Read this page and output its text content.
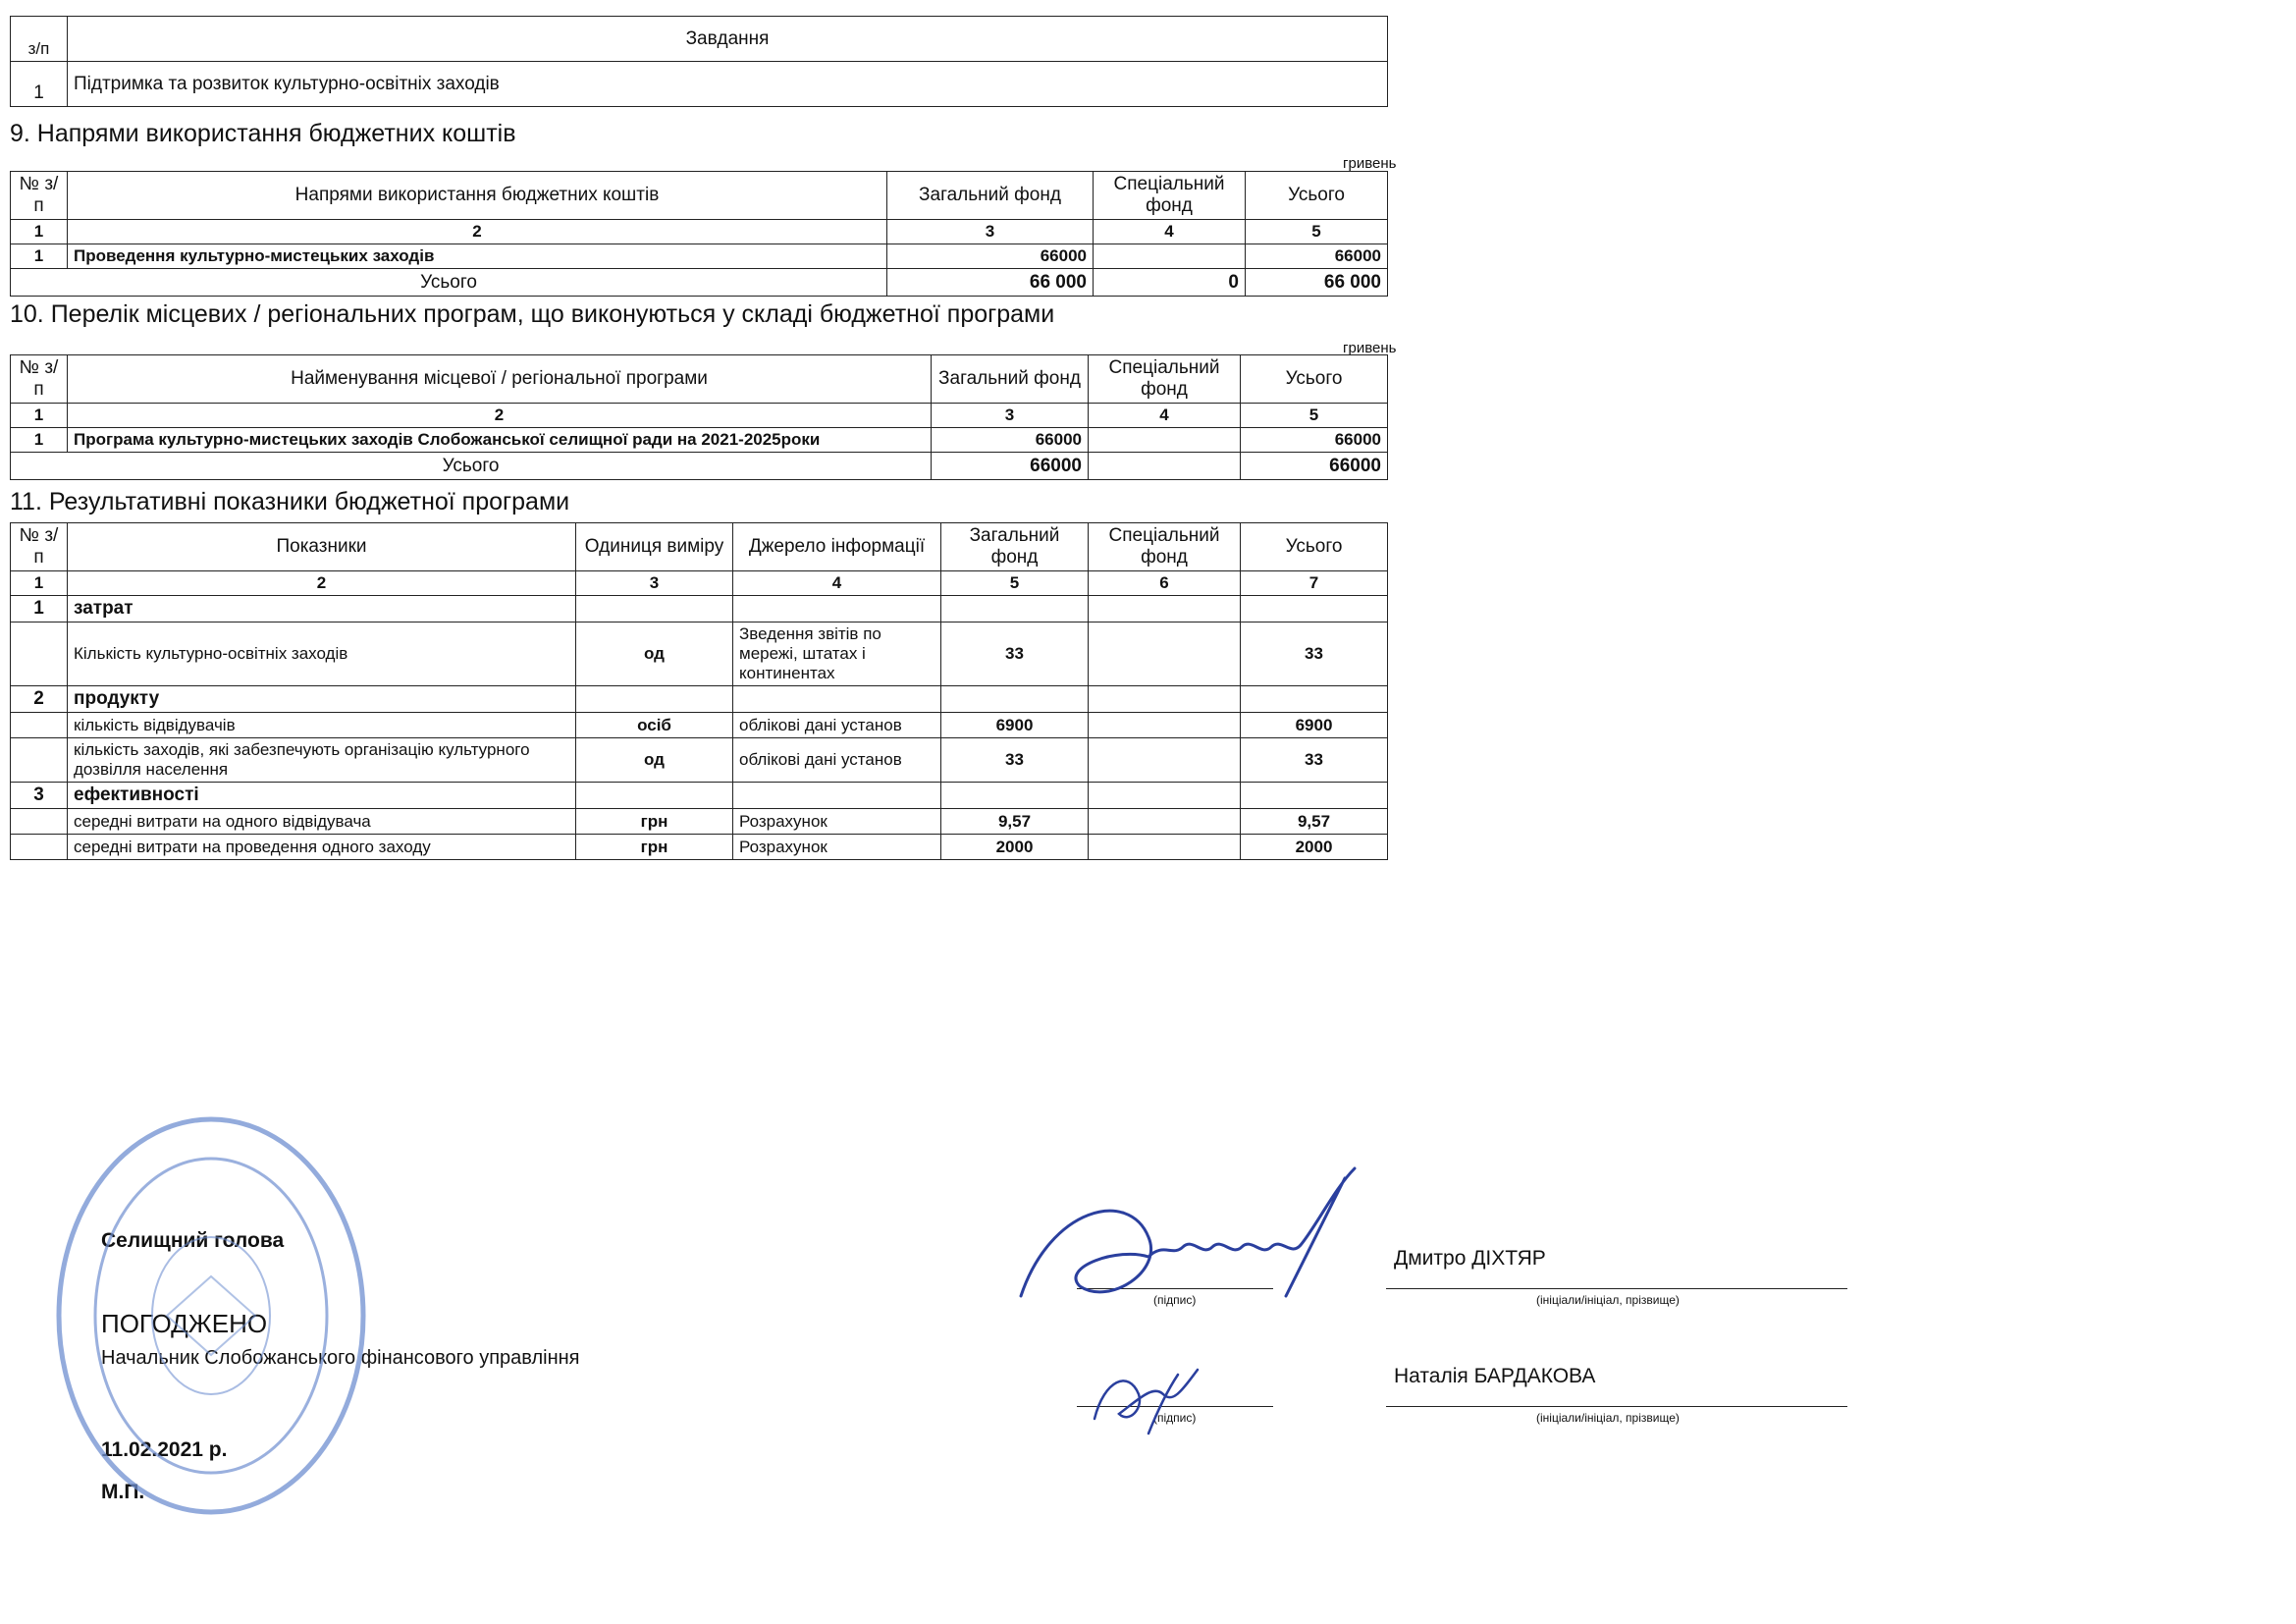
з/п	Завдання
1	Підтримка та розвиток культурно-освітніх заходів
9. Напрями використання бюджетних коштів
гривень
№ з/п	Напрями використання бюджетних коштів	Загальний фонд	Спеціальний фонд	Усього
1	2	3	4	5
1	Проведення культурно-мистецьких заходів	66000		66000
Усього		66 000	0	66 000
10. Перелік місцевих / регіональних програм, що виконуються у складі бюджетної програми
гривень
№ з/п	Найменування місцевої / регіональної програми	Загальний фонд	Спеціальний фонд	Усього
1	2	3	4	5
1	Програма культурно-мистецьких заходів Слобожанської селищної ради на 2021-2025роки	66000		66000
Усього		66000		66000
11. Результативні показники бюджетної програми
№ з/п	Показники	Одиниця виміру	Джерело інформації	Загальний фонд	Спеціальний фонд	Усього
1	2	3	4	5	6	7
1	затрат					
	Кількість культурно-освітніх заходів	од	Зведення звітів по мережі, штатах і континентах	33		33
2	продукту					
	кількість відвідувачів	осіб	облікові дані установ	6900		6900
	кількість заходів, які забезпечують організацію культурного дозвілля населення	од	облікові дані установ	33		33
3	ефективності					
	середні витрати на одного відвідувача	грн	Розрахунок	9,57		9,57
	середні витрати на проведення одного заходу	грн	Розрахунок	2000		2000
Селищний голова
(підпис)
Дмитро ДІХТЯР
(ініціали/ініціал, прізвище)
ПОГОДЖЕНО
Начальник Слобожанського фінансового управління
(підпис)
Наталія БАРДАКОВА
(ініціали/ініціал, прізвище)
11.02.2021 р.
М.П.
